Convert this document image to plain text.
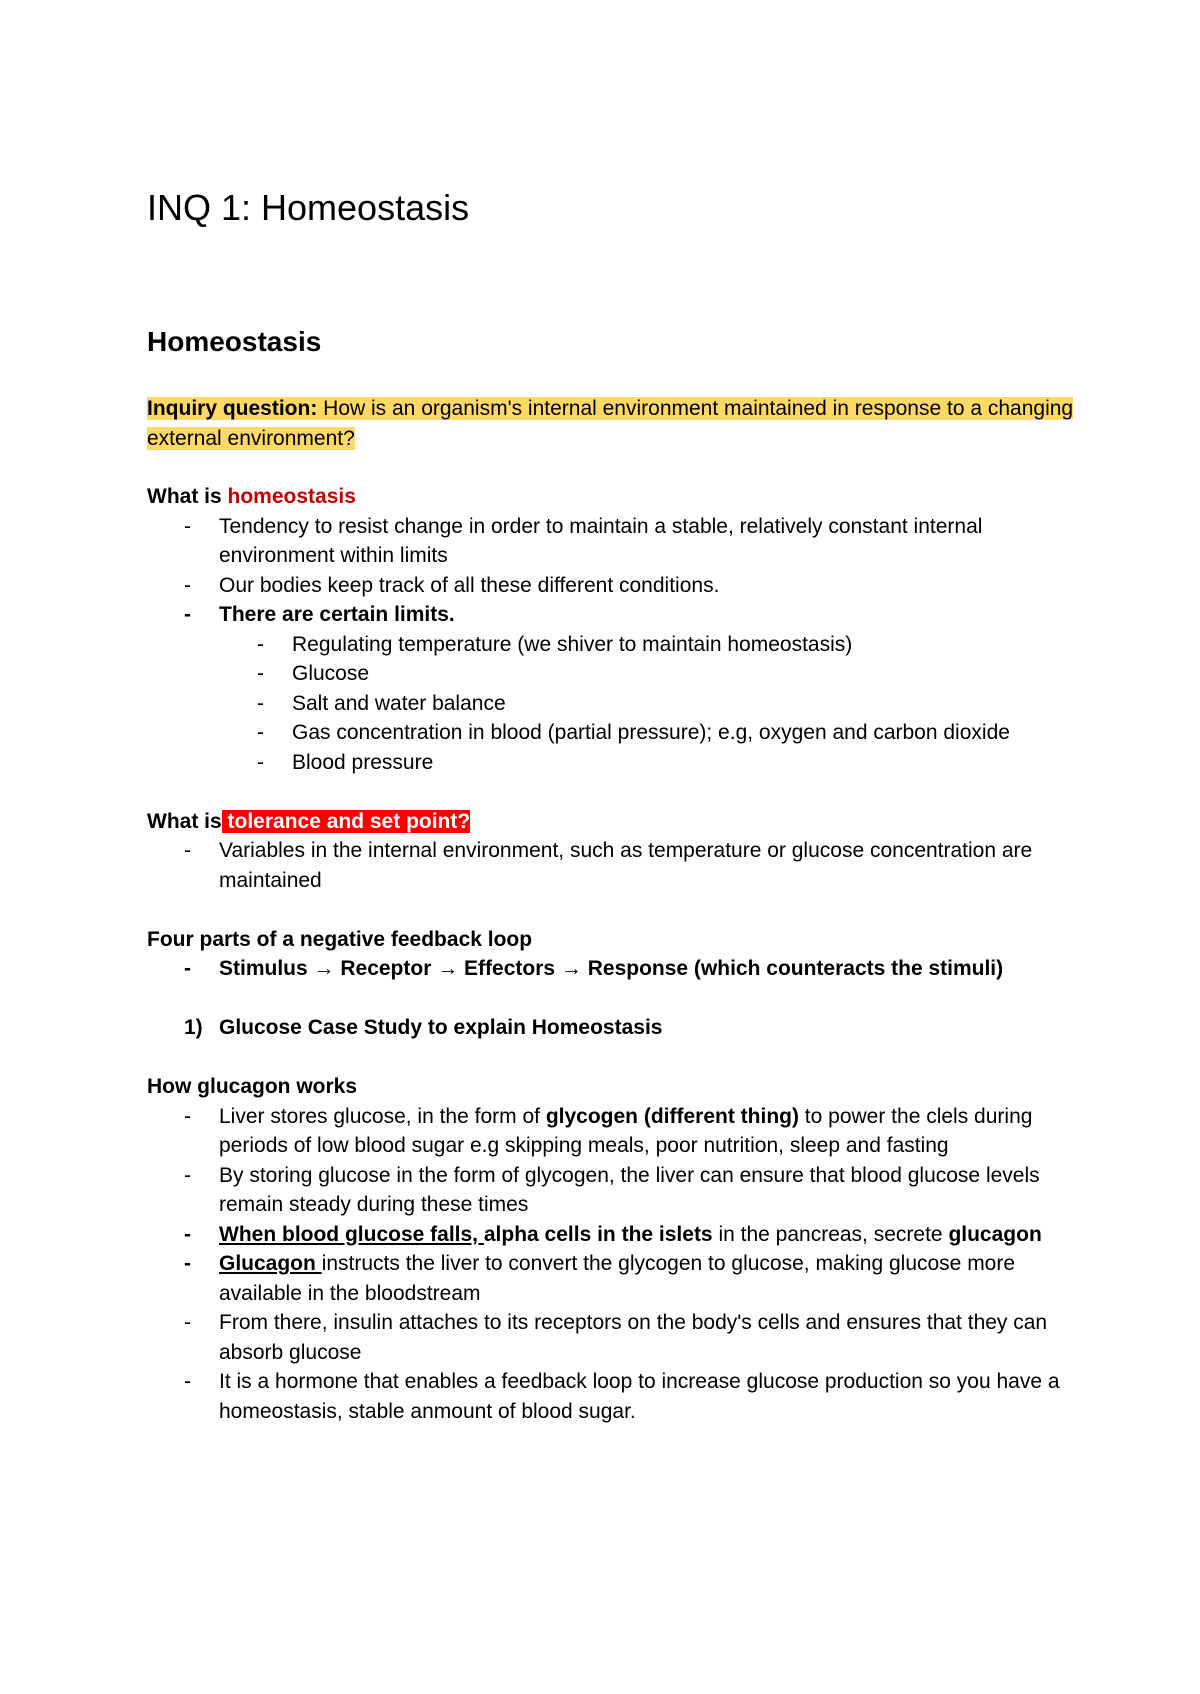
INQ 1: Homeostasis
Homeostasis

Inquiry question: How is an organism's internal environment maintained in response to a changing external environment?

What is homeostasis

- Tendency to resist change in order to maintain a stable, relatively constant internal environment within limits
- Our bodies keep track of all these different conditions.
- There are certain limits.
- Regulating temperature (we shiver to maintain homeostasis)
- Glucose
- Salt and water balance
- Gas concentration in blood (partial pressure); e.g, oxygen and carbon dioxide
- Blood pressure

What is tolerance and set point?

- Variables in the internal environment, such as temperature or glucose concentration are maintained

Four parts of a negative feedback loop

- Stimulus → Receptor → Effectors → Response (which counteracts the stimuli)
1) Glucose Case Study to explain Homeostasis

How glucagon works

- Liver stores glucose, in the form of glycogen (different thing) to power the clels during periods of low blood sugar e.g skipping meals, poor nutrition, sleep and fasting
- By storing glucose in the form of glycogen, the liver can ensure that blood glucose levels remain steady during these times
- When blood glucose falls, alpha cells in the islets in the pancreas, secrete glucagon
- Glucagon instructs the liver to convert the glycogen to glucose, making glucose more available in the bloodstream
- From there, insulin attaches to its receptors on the body's cells and ensures that they can absorb glucose
- It is a hormone that enables a feedback loop to increase glucose production so you have a homeostasis, stable anmount of blood sugar.
